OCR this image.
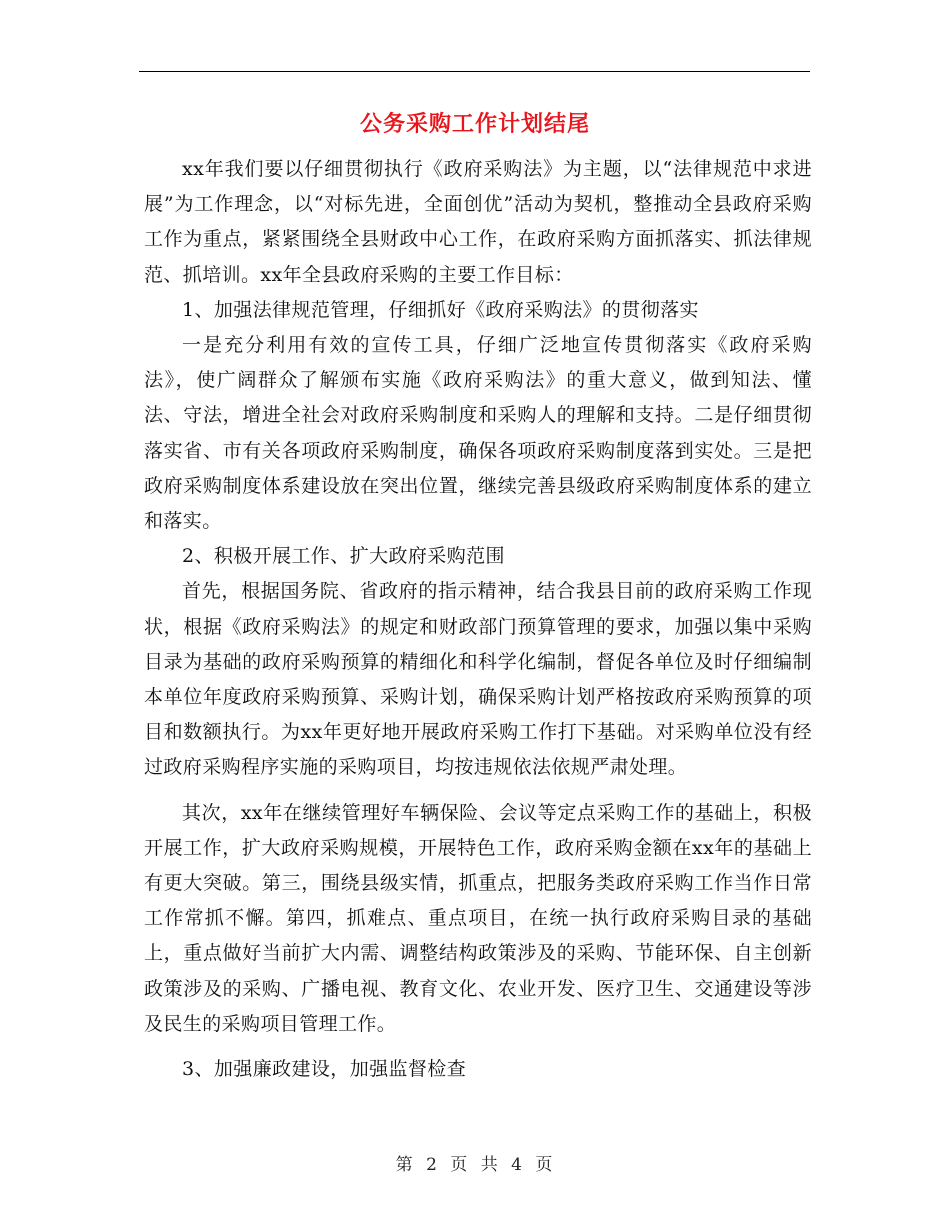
公务采购工作计划结尾

xx年我们要以仔细贯彻执行《政府采购法》为主题，以“法律规范中求进展”为工作理念，以“对标先进，全面创优”活动为契机，整推动全县政府采购工作为重点，紧紧围绕全县财政中心工作，在政府采购方面抓落实、抓法律规范、抓培训。xx年全县政府采购的主要工作目标：

1、加强法律规范管理，仔细抓好《政府采购法》的贯彻落实

一是充分利用有效的宣传工具，仔细广泛地宣传贯彻落实《政府采购法》，使广阔群众了解颁布实施《政府采购法》的重大意义，做到知法、懂法、守法，增进全社会对政府采购制度和采购人的理解和支持。二是仔细贯彻落实省、市有关各项政府采购制度，确保各项政府采购制度落到实处。三是把政府采购制度体系建设放在突出位置，继续完善县级政府采购制度体系的建立和落实。

2、积极开展工作、扩大政府采购范围

首先，根据国务院、省政府的指示精神，结合我县目前的政府采购工作现状，根据《政府采购法》的规定和财政部门预算管理的要求，加强以集中采购目录为基础的政府采购预算的精细化和科学化编制，督促各单位及时仔细编制本单位年度政府采购预算、采购计划，确保采购计划严格按政府采购预算的项目和数额执行。为xx年更好地开展政府采购工作打下基础。对采购单位没有经过政府采购程序实施的采购项目，均按违规依法依规严肃处理。

其次，xx年在继续管理好车辆保险、会议等定点采购工作的基础上，积极开展工作，扩大政府采购规模，开展特色工作，政府采购金额在xx年的基础上有更大突破。第三，围绕县级实情，抓重点，把服务类政府采购工作当作日常工作常抓不懈。第四，抓难点、重点项目，在统一执行政府采购目录的基础上，重点做好当前扩大内需、调整结构政策涉及的采购、节能环保、自主创新政策涉及的采购、广播电视、教育文化、农业开发、医疗卫生、交通建设等涉及民生的采购项目管理工作。

3、加强廉政建设，加强监督检查

第 2 页 共 4 页
